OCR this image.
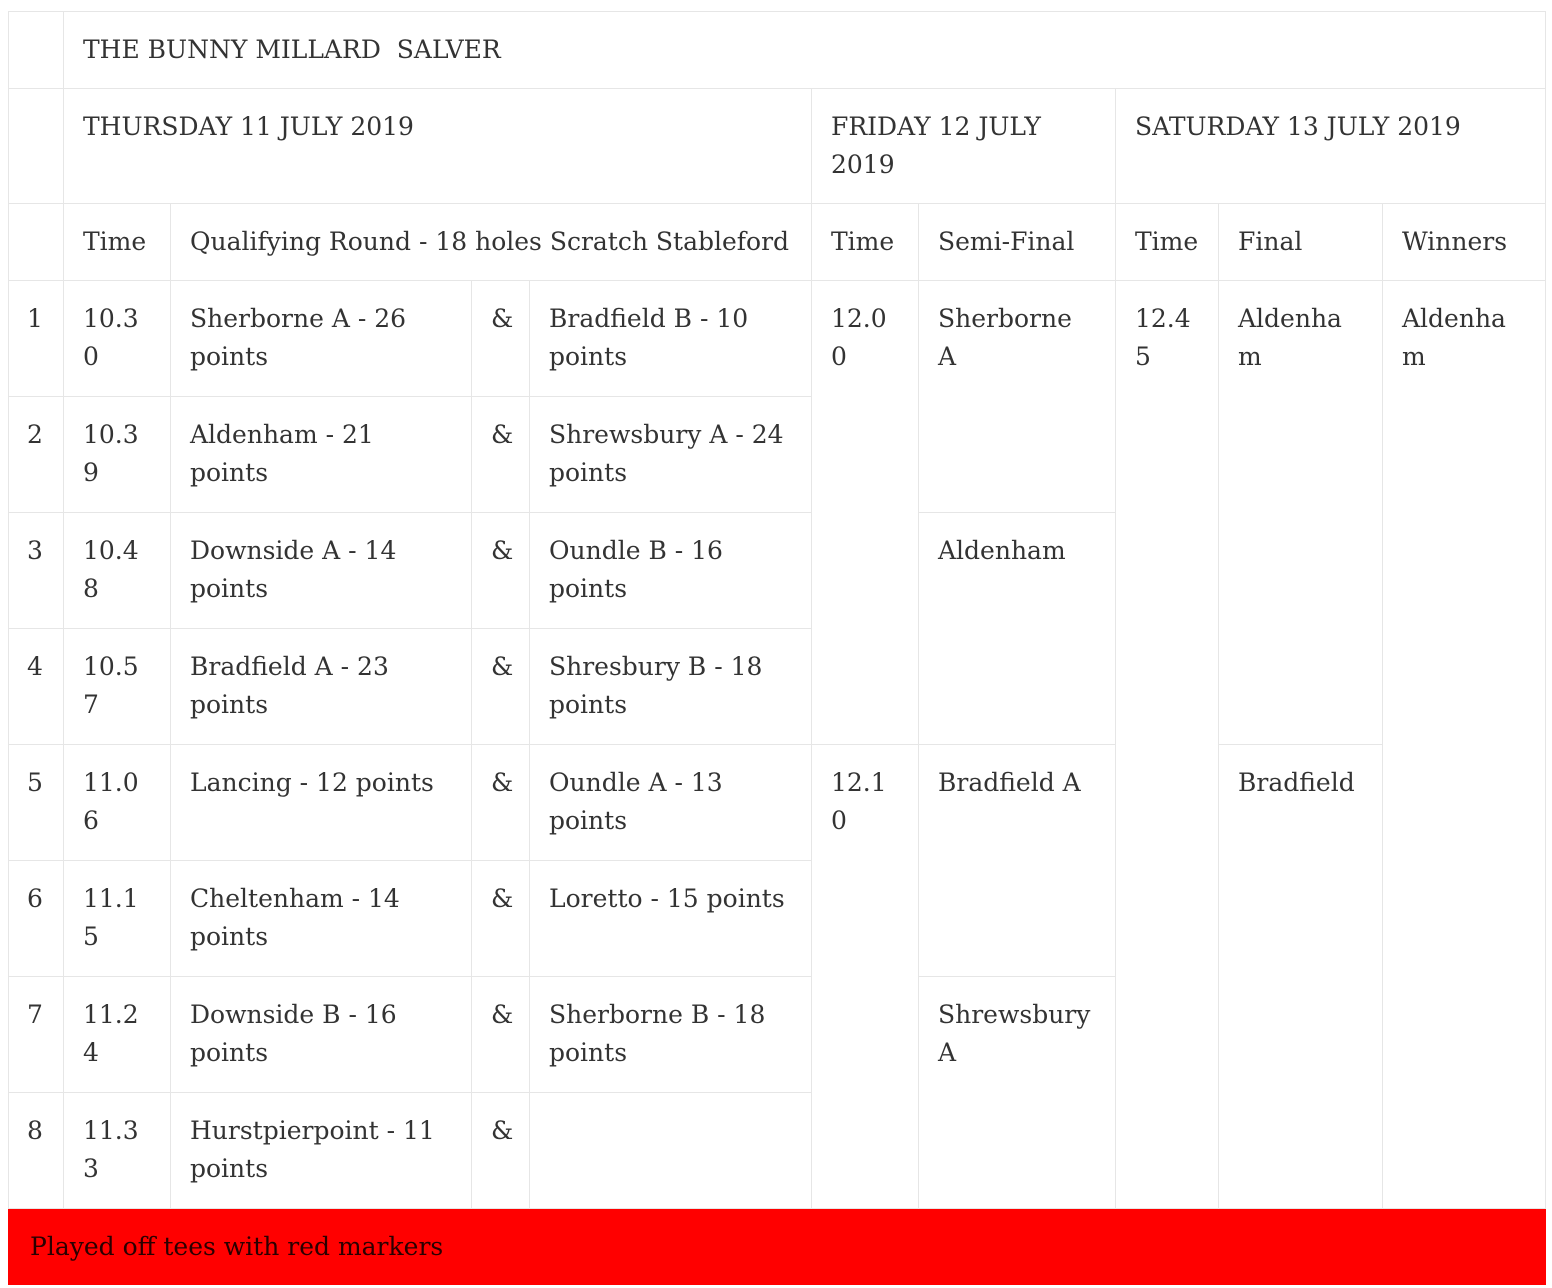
	THE BUNNY MILLARD  SALVER								
	THURSDAY 11 JULY 2019				FRIDAY 12 JULY 2019		SATURDAY 13 JULY 2019		
	Time	Qualifying Round - 18 holes Scratch Stableford			Time	Semi-Final	Time	Final	Winners
1	10.30	Sherborne A - 26 points	&	Bradfield B - 10 points	12.00	Sherborne A	12.45	Aldenham	Aldenham
2	10.39	Aldenham - 21 points	&	Shrewsbury A - 24 points					
3	10.48	Downside A - 14 points	&	Oundle B - 16 points		Aldenham			
4	10.57	Bradfield A - 23 points	&	Shresbury B - 18 points					
5	11.06	Lancing - 12 points	&	Oundle A - 13 points	12.10	Bradfield A		Bradfield	
6	11.15	Cheltenham - 14 points	&	Loretto - 15 points					
7	11.24	Downside B - 16 points	&	Sherborne B - 18 points		Shrewsbury A			
8	11.33	Hurstpierpoint - 11 points	&						
Played off tees with red markers									
